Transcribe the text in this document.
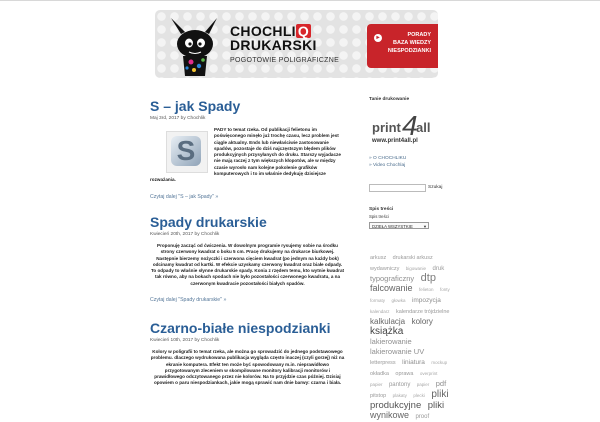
CHOCHLI Q
DRUKARSKI
POGOTOWIE POLIGRAFICZNE
▸	PORADY
BAZA WIEDZY
NIESPODZIANKI
S – jak Spady
Maj 3rd, 2017 by Chochlik
S
PADY to temat rzeka. Od publikacji felietonu im poświęconego minęło już trochę czasu, lecz problem jest ciągle aktualny. Ends lub niewłaściwie zastosowanie spadów, pozostaje do dziś najczęstszym błędem plików produkcyjnych przysyłanych do druku. Starszy wyjadacze nie mają raczej z tym większych kłopotów, ale w między czasie wyrosło nam kolejne pokolenie grafików komputerowych i to im właśnie dedykuję dzisiejsze rozważania.
Czytaj dalej "S – jak Spady" »
Spady drukarskie
Kwiecień 20th, 2017 by Chochlik
Proponuję zacząć od ćwiczenia. W dowolnym programie rysujemy sobie na środku strony czerwony kwadrat o boku 5 cm. Pracę drukujemy na drukarce biurkowej. Następnie bierzemy nożyczki i czerwona cięciem kwadrat (po jednym na każdy bok) odcinamy kwadrat od kartki. W efekcie uzyskamy czerwony kwadrat oraz białe odpady. To odpady to właśnie słynne drukarskie spady. Konia z rzędem temu, kto wytnie kwadrat tak równo, aby na bokach spodach nie było pozostałości czerwonego kwadratu, a na czerwonym kwadracie pozostałości białych spadów.
Czytaj dalej "Spady drukarskie" »
Czarno-białe niespodzianki
Kwiecień 10th, 2017 by Chochlik
Kolory w poligrafii to temat rzeka, ale można go sprowadzić do jednego podstawowego problemu. dlaczego wydrukowana publikacja wygląda często inaczej (czyli gorzej) niż na ekranie komputera. Efekt ten może być spowodowany m.in. nieprawidłowo przygotowanym zleceniem w skompilowane monitory kalibracji monitorów i prawidłowego odczytowanego przez nie kolorów. Na to przyjdzie czas później. Dzisiaj opowiem o paru niespodziankach, jakie mogą sprawić nam dnie barwy: czarna i biała.
Tanie drukowanie
print 4
all
www.print4all.pl
» O CHOCHLIKU
» Video Chochlaj
Szukaj
Spis treści
Spis treści
DZIEŁA WSZYSTKIE	▼
arkusz drukarski arkusz wydawniczy bigowanie druk typograficzny dtp falcowanie felieton fonty formaty głowka impozycja kalendarz kalendarze trójdzielne kalkulacja kolory książka lakierowanie lakierowanie UV letterpress liniatura mockup okładka oprawa overprint papier pantony papier pdf pitstop plakaty plecki pliki produkcyjne pliki wynikowe proof
